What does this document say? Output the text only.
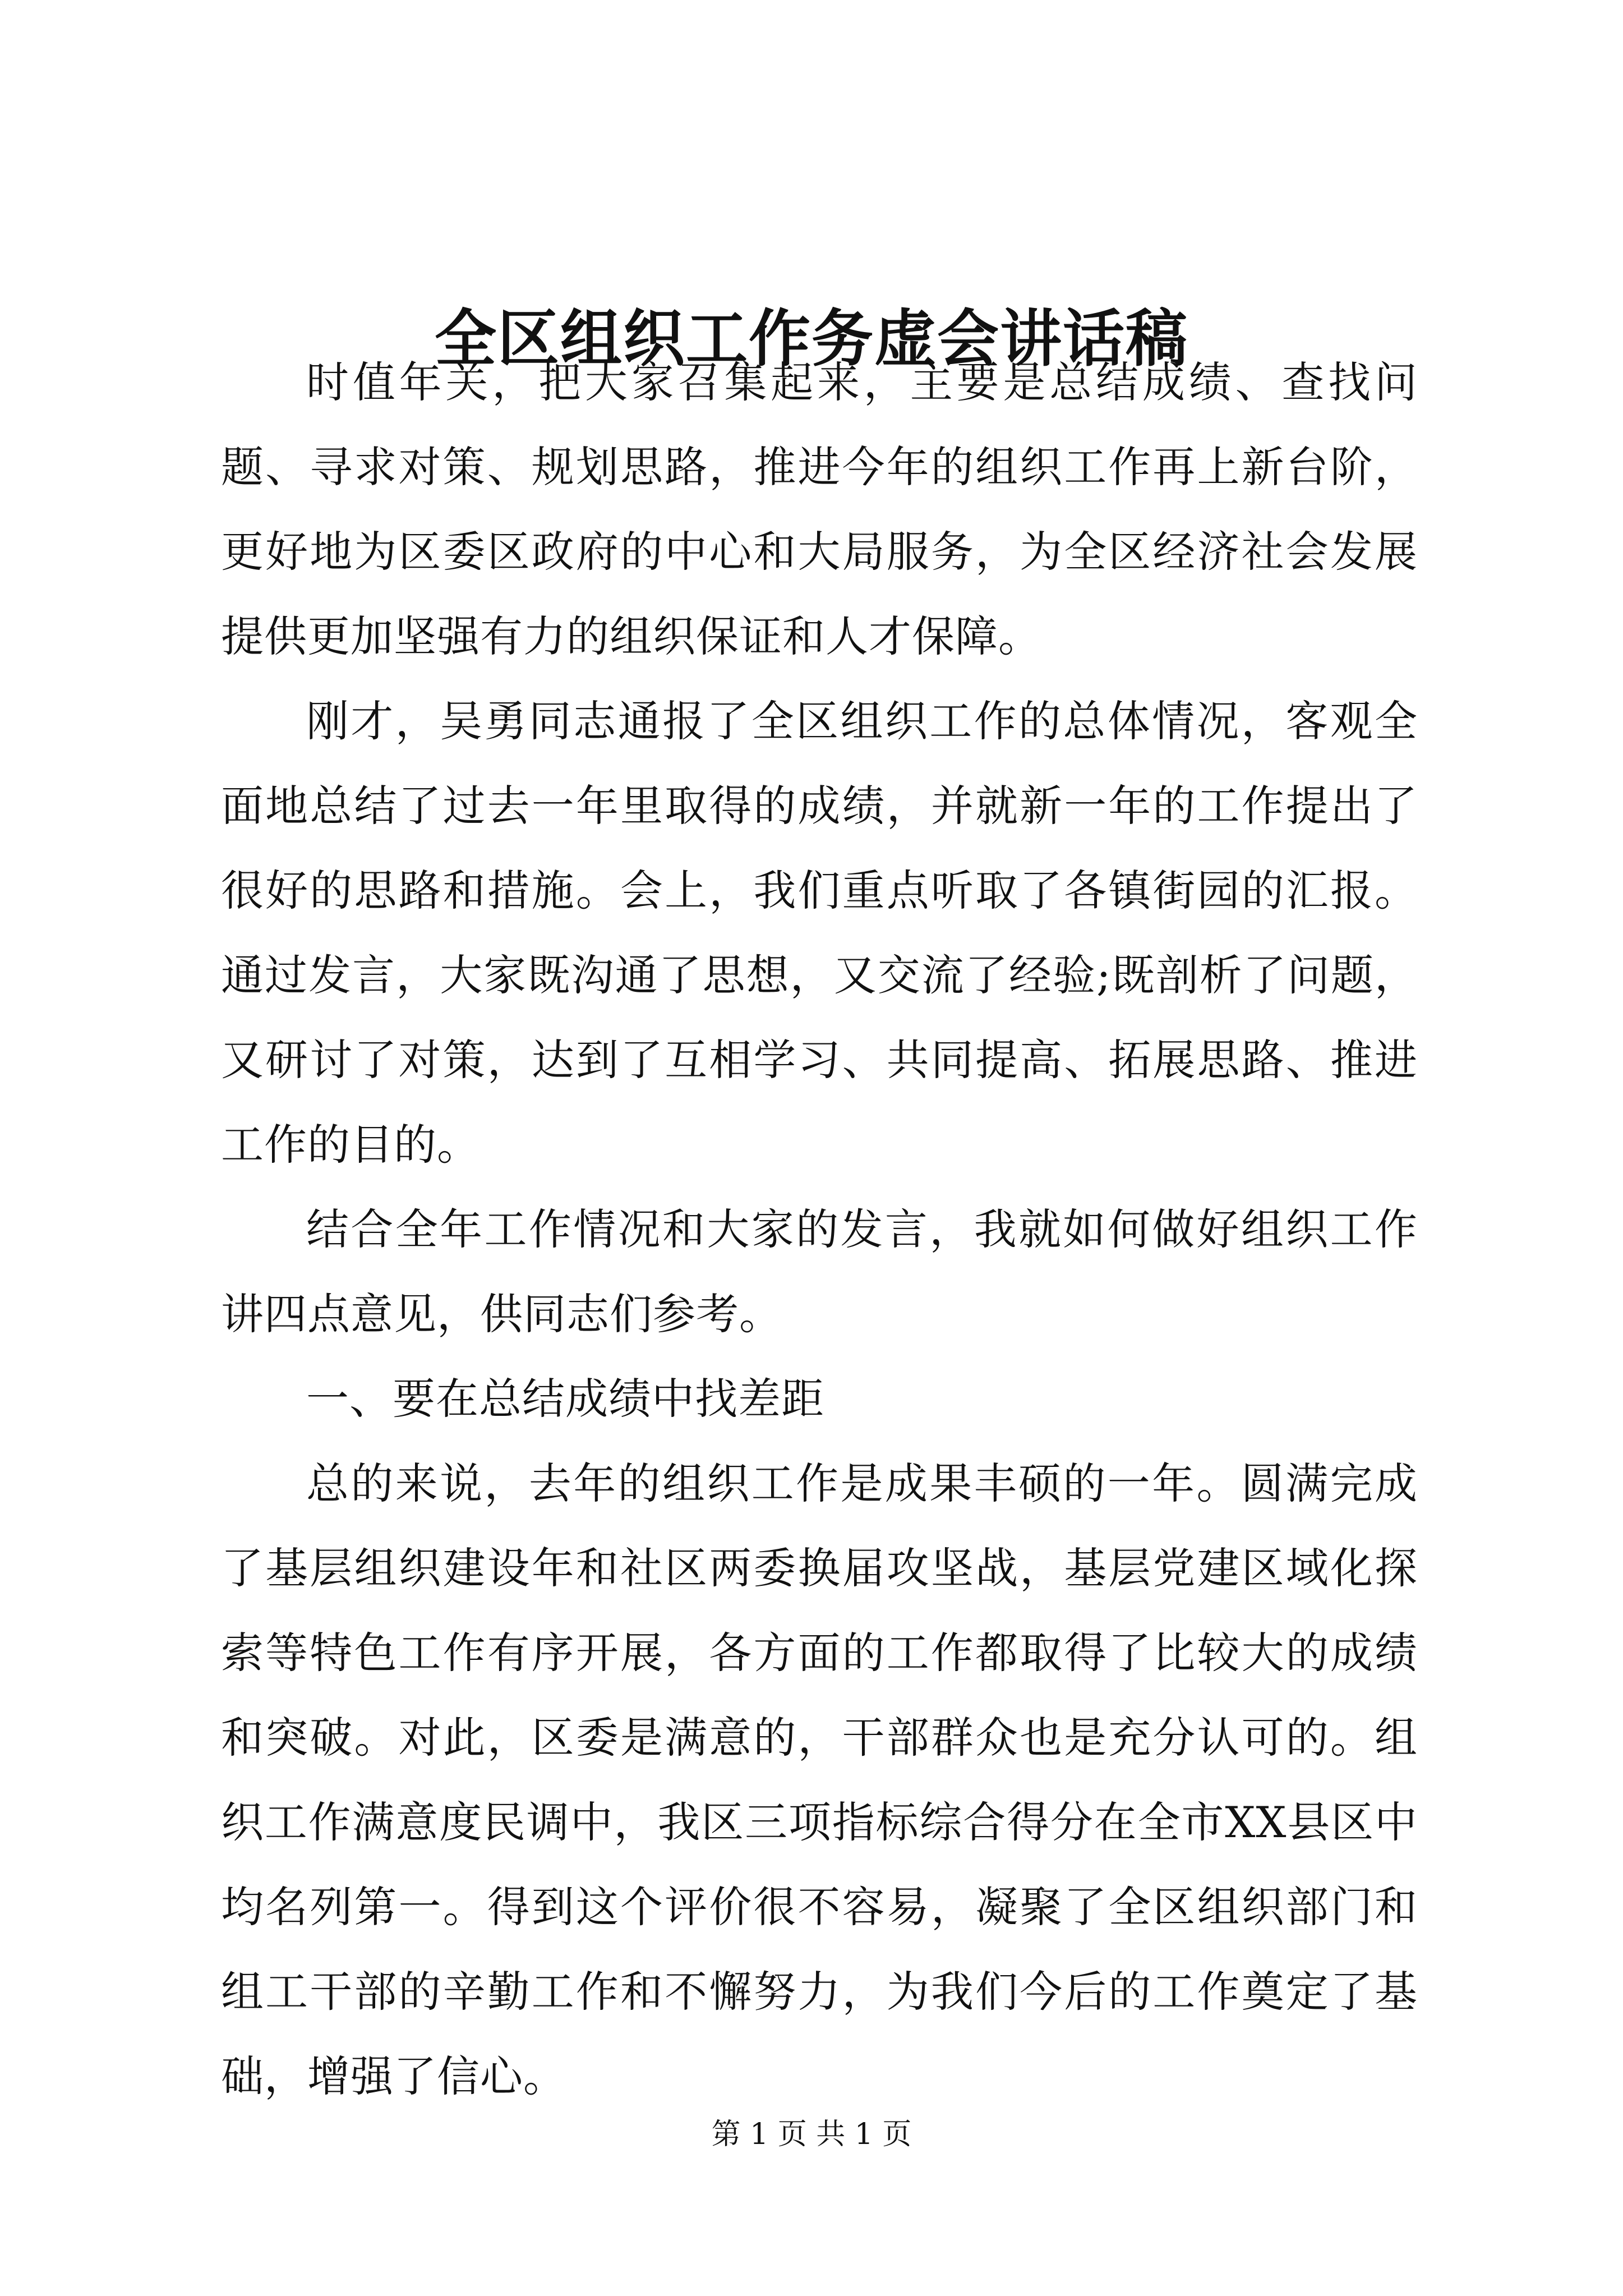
全区组织工作务虚会讲话稿

时值年关，把大家召集起来，主要是总结成绩、查找问题、寻求对策、规划思路，推进今年的组织工作再上新台阶，更好地为区委区政府的中心和大局服务，为全区经济社会发展提供更加坚强有力的组织保证和人才保障。

刚才，吴勇同志通报了全区组织工作的总体情况，客观全面地总结了过去一年里取得的成绩，并就新一年的工作提出了很好的思路和措施。会上，我们重点听取了各镇街园的汇报。通过发言，大家既沟通了思想，又交流了经验;既剖析了问题，又研讨了对策，达到了互相学习、共同提高、拓展思路、推进工作的目的。

结合全年工作情况和大家的发言，我就如何做好组织工作讲四点意见，供同志们参考。

一、要在总结成绩中找差距

总的来说，去年的组织工作是成果丰硕的一年。圆满完成了基层组织建设年和社区两委换届攻坚战，基层党建区域化探索等特色工作有序开展，各方面的工作都取得了比较大的成绩和突破。对此，区委是满意的，干部群众也是充分认可的。组织工作满意度民调中，我区三项指标综合得分在全市XX县区中均名列第一。得到这个评价很不容易，凝聚了全区组织部门和组工干部的辛勤工作和不懈努力，为我们今后的工作奠定了基础，增强了信心。

第 1 页 共 1 页
